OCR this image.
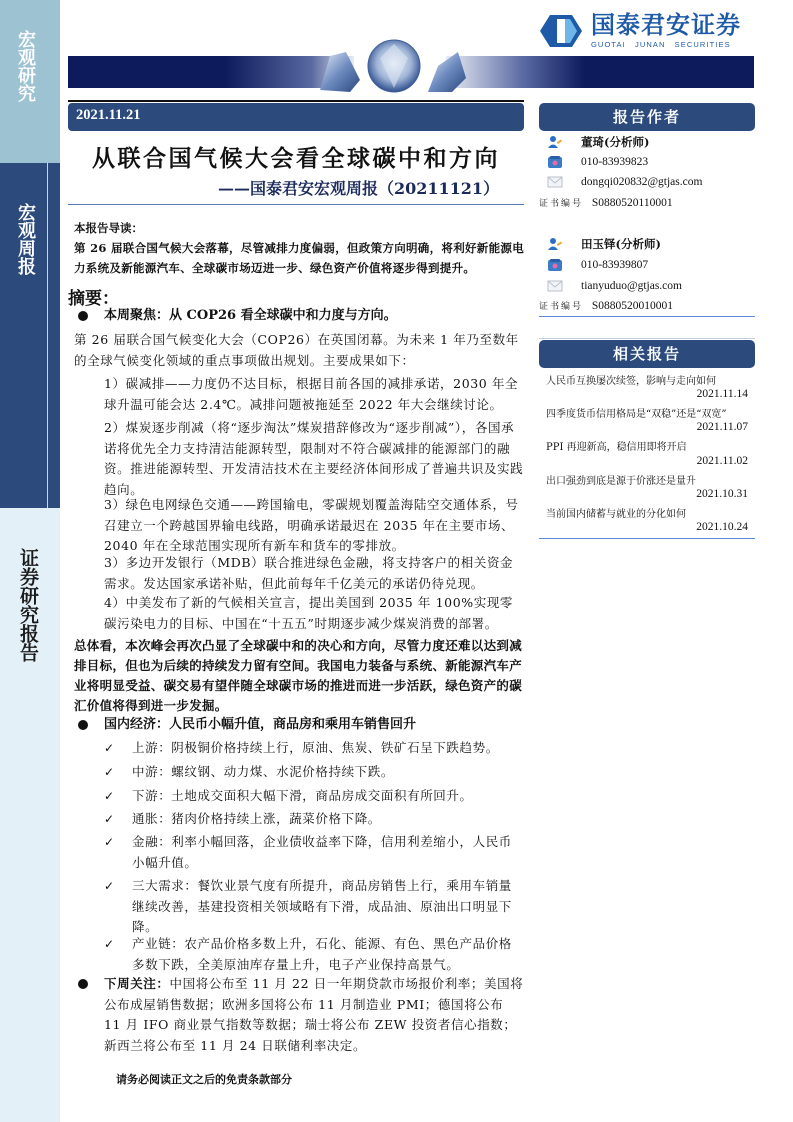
宏观研究
宏观周报
证券研究报告
国泰君安证券
GUOTAI JUNAN SECURITIES
2021.11.21
从联合国气候大会看全球碳中和方向
——国泰君安宏观周报（20211121）
本报告导读：
第 26 届联合国气候大会落幕，尽管减排力度偏弱，但政策方向明确，将利好新能源电力系统及新能源汽车、全球碳市场迈进一步、绿色资产价值将逐步得到提升。
摘要：
本周聚焦：从 COP26 看全球碳中和力度与方向。
第 26 届联合国气候变化大会（COP26）在英国闭幕。为未来 1 年乃至数年的全球气候变化领域的重点事项做出规划。主要成果如下：
1）碳减排——力度仍不达目标，根据目前各国的减排承诺，2030 年全球升温可能会达 2.4℃。减排问题被拖延至 2022 年大会继续讨论。
2）煤炭逐步削减（将“逐步淘汰”煤炭措辞修改为“逐步削减”），各国承诺将优先全力支持清洁能源转型，限制对不符合碳减排的能源部门的融资。推进能源转型、开发清洁技术在主要经济体间形成了普遍共识及实践趋向。
3）绿色电网绿色交通——跨国输电，零碳规划覆盖海陆空交通体系，号召建立一个跨越国界输电线路，明确承诺最迟在 2035 年在主要市场、2040 年在全球范围实现所有新车和货车的零排放。
3）多边开发银行（MDB）联合推进绿色金融，将支持客户的相关资金需求。发达国家承诺补贴，但此前每年千亿美元的承诺仍待兑现。
4）中美发布了新的气候相关宣言，提出美国到 2035 年 100%实现零碳污染电力的目标、中国在“十五五”时期逐步减少煤炭消费的部署。
总体看，本次峰会再次凸显了全球碳中和的决心和方向，尽管力度还难以达到减排目标，但也为后续的持续发力留有空间。我国电力装备与系统、新能源汽车产业将明显受益、碳交易有望伴随全球碳市场的推进而进一步活跃，绿色资产的碳汇价值将得到进一步发掘。
国内经济：人民币小幅升值，商品房和乘用车销售回升
✓	上游：阴极铜价格持续上行，原油、焦炭、铁矿石呈下跌趋势。
✓	中游：螺纹钢、动力煤、水泥价格持续下跌。
✓	下游：土地成交面积大幅下滑，商品房成交面积有所回升。
✓	通胀：猪肉价格持续上涨，蔬菜价格下降。
✓	金融：利率小幅回落，企业债收益率下降，信用利差缩小，人民币小幅升值。
✓	三大需求：餐饮业景气度有所提升，商品房销售上行，乘用车销量继续改善，基建投资相关领域略有下滑，成品油、原油出口明显下降。
✓	产业链：农产品价格多数上升，石化、能源、有色、黑色产品价格多数下跌，全美原油库存量上升，电子产业保持高景气。
下周关注：中国将公布至 11 月 22 日一年期贷款市场报价利率；美国将公布成屋销售数据；欧洲多国将公布 11 月制造业 PMI；德国将公布 11 月 IFO 商业景气指数等数据；瑞士将公布 ZEW 投资者信心指数；新西兰将公布至 11 月 24 日联储利率决定。
请务必阅读正文之后的免责条款部分
报告作者
董琦(分析师)
010-83939823
dongqi020832@gtjas.com
证书编号 S0880520110001
田玉铎(分析师)
010-83939807
tianyuduo@gtjas.com
证书编号 S0880520010001
相关报告
人民币互换屡次续签，影响与走向如何
2021.11.14
四季度货币信用格局是“双稳”还是“双宽”
2021.11.07
PPI 再迎新高，稳信用即将开启
2021.11.02
出口强劲到底是源于价涨还是量升
2021.10.31
当前国内储蓄与就业的分化如何
2021.10.24
